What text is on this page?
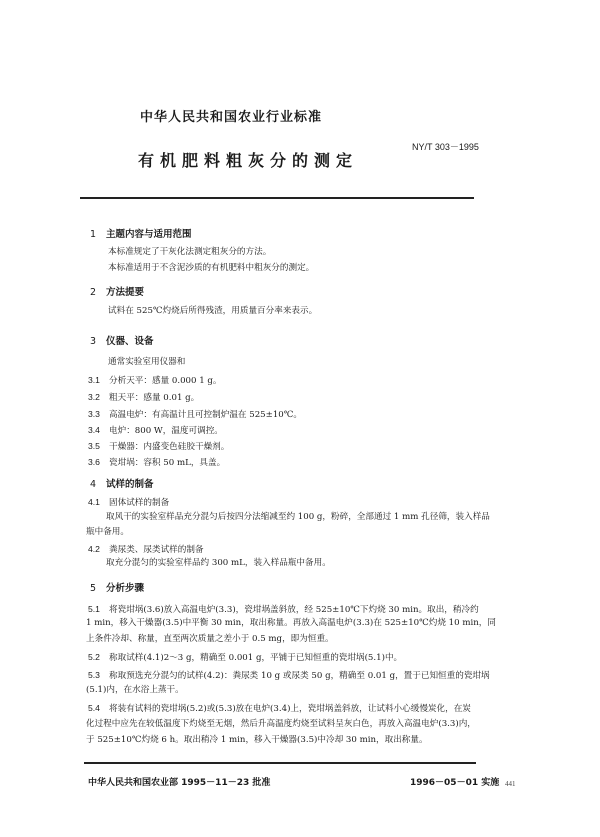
中华人民共和国农业行业标准
NY/T 303－1995
有机肥料粗灰分的测定
1 主题内容与适用范围
本标准规定了干灰化法测定粗灰分的方法。
本标准适用于不含泥沙质的有机肥料中粗灰分的测定。
2 方法提要
试料在 525℃灼烧后所得残渣，用质量百分率来表示。
3 仪器、设备
通常实验室用仪器和
3.1 分析天平：感量 0.000 1 g。
3.2 粗天平：感量 0.01 g。
3.3 高温电炉：有高温计且可控制炉温在 525±10℃。
3.4 电炉：800 W，温度可调控。
3.5 干燥器：内盛变色硅胶干燥剂。
3.6 瓷坩埚：容积 50 mL，具盖。
4 试样的制备
4.1 固体试样的制备
取风干的实验室样品充分混匀后按四分法缩减至约 100 g，粉碎，全部通过 1 mm 孔径筛，装入样品
瓶中备用。
4.2 粪尿类、尿类试样的制备
取充分混匀的实验室样品约 300 mL，装入样品瓶中备用。
5 分析步骤
5.1 将瓷坩埚(3.6)放入高温电炉(3.3)，瓷坩埚盖斜放，经 525±10℃下灼烧 30 min。取出，稍冷约
1 min，移入干燥器(3.5)中平衡 30 min，取出称量。再放入高温电炉(3.3)在 525±10℃灼烧 10 min，同
上条件冷却、称量，直至两次质量之差小于 0.5 mg，即为恒重。
5.2 称取试样(4.1)2～3 g，精确至 0.001 g，平铺于已知恒重的瓷坩埚(5.1)中。
5.3 称取预选充分混匀的试样(4.2)：粪尿类 10 g 或尿类 50 g，精确至 0.01 g，置于已知恒重的瓷坩埚
(5.1)内，在水浴上蒸干。
5.4 将装有试料的瓷坩埚(5.2)或(5.3)放在电炉(3.4)上，瓷坩埚盖斜放，让试料小心缓慢炭化，在炭
化过程中应先在较低温度下灼烧至无烟，然后升高温度灼烧至试料呈灰白色，再放入高温电炉(3.3)内，
于 525±10℃灼烧 6 h。取出稍冷 1 min，移入干燥器(3.5)中冷却 30 min，取出称量。
中华人民共和国农业部 1995－11－23 批准	1996－05－01 实施 441
